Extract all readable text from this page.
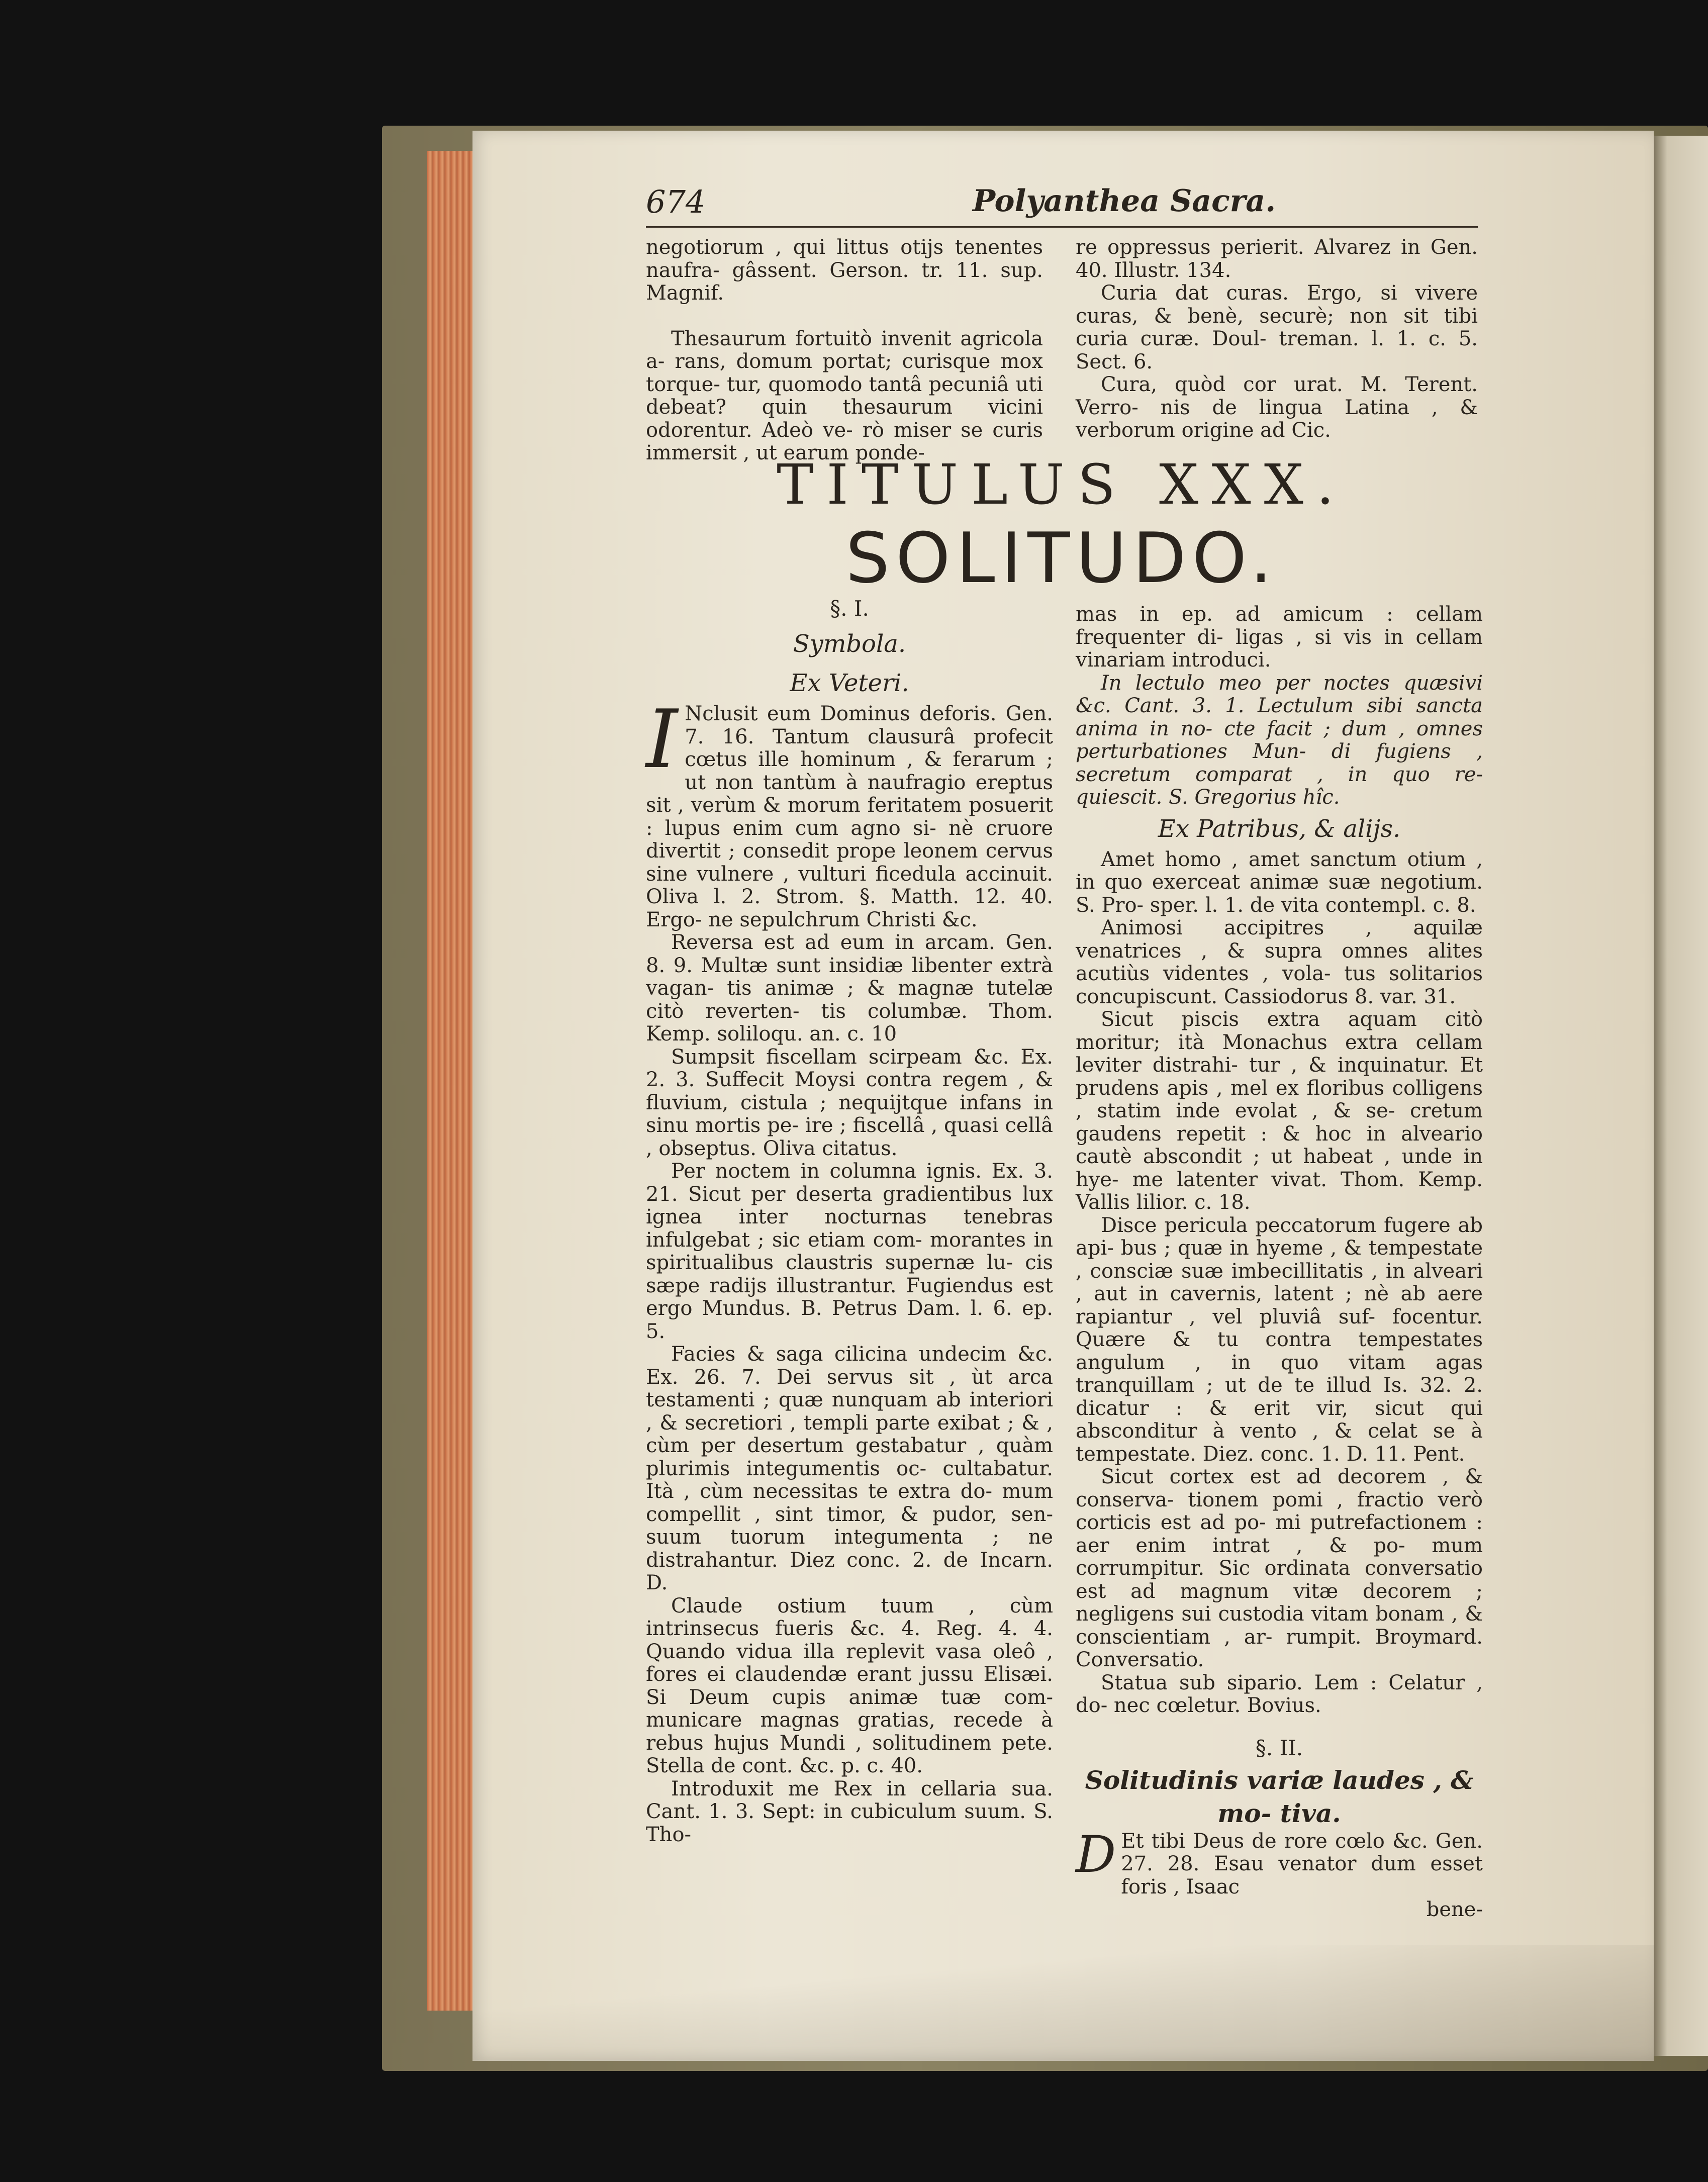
674	Polyanthea Sacra.

negotiorum , qui littus otijs tenentes naufra- gâssent. Gerson. tr. 11. sup. Magnif.

Thesaurum fortuitò invenit agricola a- rans, domum portat; curisque mox torque- tur, quomodo tantâ pecuniâ uti debeat? quin thesaurum vicini odorentur. Adeò ve- rò miser se curis immersit , ut earum ponde-

re oppressus perierit. Alvarez in Gen. 40. Illustr. 134.

Curia dat curas. Ergo, si vivere curas, & benè, securè; non sit tibi curia curæ. Doul- treman. l. 1. c. 5. Sect. 6.

Cura, quòd cor urat. M. Terent. Verro- nis de lingua Latina , & verborum origine ad Cic.

TITULUS XXX.
SOLITUDO.
§. I.
Symbola.
Ex Veteri.
I Nclusit eum Dominus deforis. Gen. 7. 16. Tantum clausurâ profecit cœtus ille hominum , & ferarum ; ut non tantùm à naufragio ereptus sit , verùm & morum feritatem posuerit : lupus enim cum agno si- nè cruore divertit ; consedit prope leonem cervus sine vulnere , vulturi ficedula accinuit. Oliva l. 2. Strom. §. Matth. 12. 40. Ergo- ne sepulchrum Christi &c.

Reversa est ad eum in arcam. Gen. 8. 9. Multæ sunt insidiæ libenter extrà vagan- tis animæ ; & magnæ tutelæ citò reverten- tis columbæ. Thom. Kemp. soliloqu. an. c. 10

Sumpsit fiscellam scirpeam &c. Ex. 2. 3. Suffecit Moysi contra regem , & fluvium, cistula ; nequijtque infans in sinu mortis pe- ire ; fiscellâ , quasi cellâ , obseptus. Oliva citatus.

Per noctem in columna ignis. Ex. 3. 21. Sicut per deserta gradientibus lux ignea inter nocturnas tenebras infulgebat ; sic etiam com- morantes in spiritualibus claustris supernæ lu- cis sæpe radijs illustrantur. Fugiendus est ergo Mundus. B. Petrus Dam. l. 6. ep. 5.

Facies & saga cilicina undecim &c. Ex. 26. 7. Dei servus sit , ùt arca testamenti ; quæ nunquam ab interiori , & secretiori , templi parte exibat ; & , cùm per desertum gestabatur , quàm plurimis integumentis oc- cultabatur. Ità , cùm necessitas te extra do- mum compellit , sint timor, & pudor, sen- suum tuorum integumenta ; ne distrahantur. Diez conc. 2. de Incarn. D.

Claude ostium tuum , cùm intrinsecus fueris &c. 4. Reg. 4. 4. Quando vidua illa replevit vasa oleô , fores ei claudendæ erant jussu Elisæi. Si Deum cupis animæ tuæ com- municare magnas gratias, recede à rebus hujus Mundi , solitudinem pete. Stella de cont. &c. p. c. 40.

Introduxit me Rex in cellaria sua. Cant. 1. 3. Sept: in cubiculum suum. S. Tho-

mas in ep. ad amicum : cellam frequenter di- ligas , si vis in cellam vinariam introduci.

In lectulo meo per noctes quæsivi &c. Cant. 3. 1. Lectulum sibi sancta anima in no- cte facit ; dum , omnes perturbationes Mun- di fugiens , secretum comparat , in quo re- quiescit. S. Gregorius hîc.

Ex Patribus, & alijs.

Amet homo , amet sanctum otium , in quo exerceat animæ suæ negotium. S. Pro- sper. l. 1. de vita contempl. c. 8.

Animosi accipitres , aquilæ venatrices , & supra omnes alites acutiùs videntes , vola- tus solitarios concupiscunt. Cassiodorus 8. var. 31.

Sicut piscis extra aquam citò moritur; ità Monachus extra cellam leviter distrahi- tur , & inquinatur. Et prudens apis , mel ex floribus colligens , statim inde evolat , & se- cretum gaudens repetit : & hoc in alveario cautè abscondit ; ut habeat , unde in hye- me latenter vivat. Thom. Kemp. Vallis lilior. c. 18.

Disce pericula peccatorum fugere ab api- bus ; quæ in hyeme , & tempestate , consciæ suæ imbecillitatis , in alveari , aut in cavernis, latent ; nè ab aere rapiantur , vel pluviâ suf- focentur. Quære & tu contra tempestates angulum , in quo vitam agas tranquillam ; ut de te illud Is. 32. 2. dicatur : & erit vir, sicut qui absconditur à vento , & celat se à tempestate. Diez. conc. 1. D. 11. Pent.

Sicut cortex est ad decorem , & conserva- tionem pomi , fractio verò corticis est ad po- mi putrefactionem : aer enim intrat , & po- mum corrumpitur. Sic ordinata conversatio est ad magnum vitæ decorem ; negligens sui custodia vitam bonam , & conscientiam , ar- rumpit. Broymard. Conversatio.

Statua sub sipario. Lem : Celatur , do- nec cœletur. Bovius.

§. II.
Solitudinis variæ laudes , & mo- tiva.
D Et tibi Deus de rore cœlo &c. Gen. 27. 28. Esau venator dum esset foris , Isaac

bene-
